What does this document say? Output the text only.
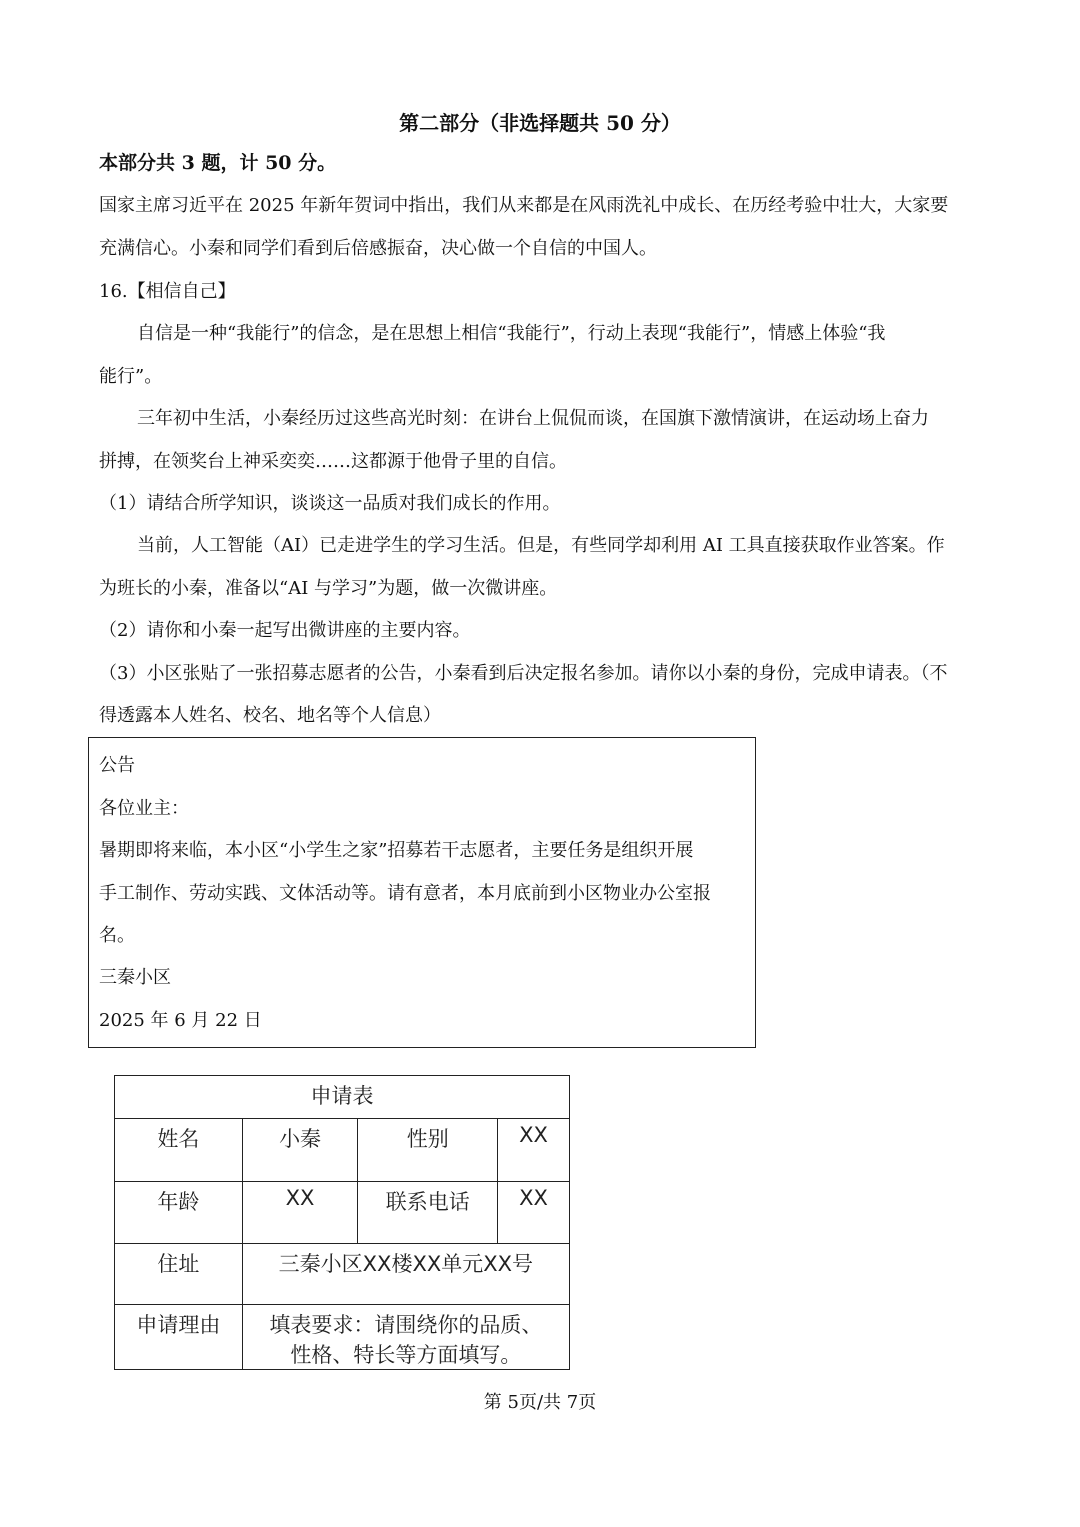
第二部分（非选择题共 50 分）
本部分共 3 题，计 50 分。
国家主席习近平在 2025 年新年贺词中指出，我们从来都是在风雨洗礼中成长、在历经考验中壮大，大家要
充满信心。小秦和同学们看到后倍感振奋，决心做一个自信的中国人。
16.【相信自己】
自信是一种“我能行”的信念，是在思想上相信“我能行”，行动上表现“我能行”，情感上体验“我
能行”。
三年初中生活，小秦经历过这些高光时刻：在讲台上侃侃而谈，在国旗下激情演讲，在运动场上奋力
拼搏，在领奖台上神采奕奕……这都源于他骨子里的自信。
（1）请结合所学知识，谈谈这一品质对我们成长的作用。
当前，人工智能（AI）已走进学生的学习生活。但是，有些同学却利用 AI 工具直接获取作业答案。作
为班长的小秦，准备以“AI 与学习”为题，做一次微讲座。
（2）请你和小秦一起写出微讲座的主要内容。
（3）小区张贴了一张招募志愿者的公告，小秦看到后决定报名参加。请你以小秦的身份，完成申请表。（不
得透露本人姓名、校名、地名等个人信息）
公告
各位业主：
暑期即将来临，本小区“小学生之家”招募若干志愿者，主要任务是组织开展
手工制作、劳动实践、文体活动等。请有意者，本月底前到小区物业办公室报
名。
三秦小区
2025 年 6 月 22 日
申请表			
姓名	小秦	性别	XX
年龄	XX	联系电话	XX
住址	三秦小区XX楼XX单元XX号		
申请理由	填表要求：请围绕你的品质、
性格、特长等方面填写。		
第 5页/共 7页
